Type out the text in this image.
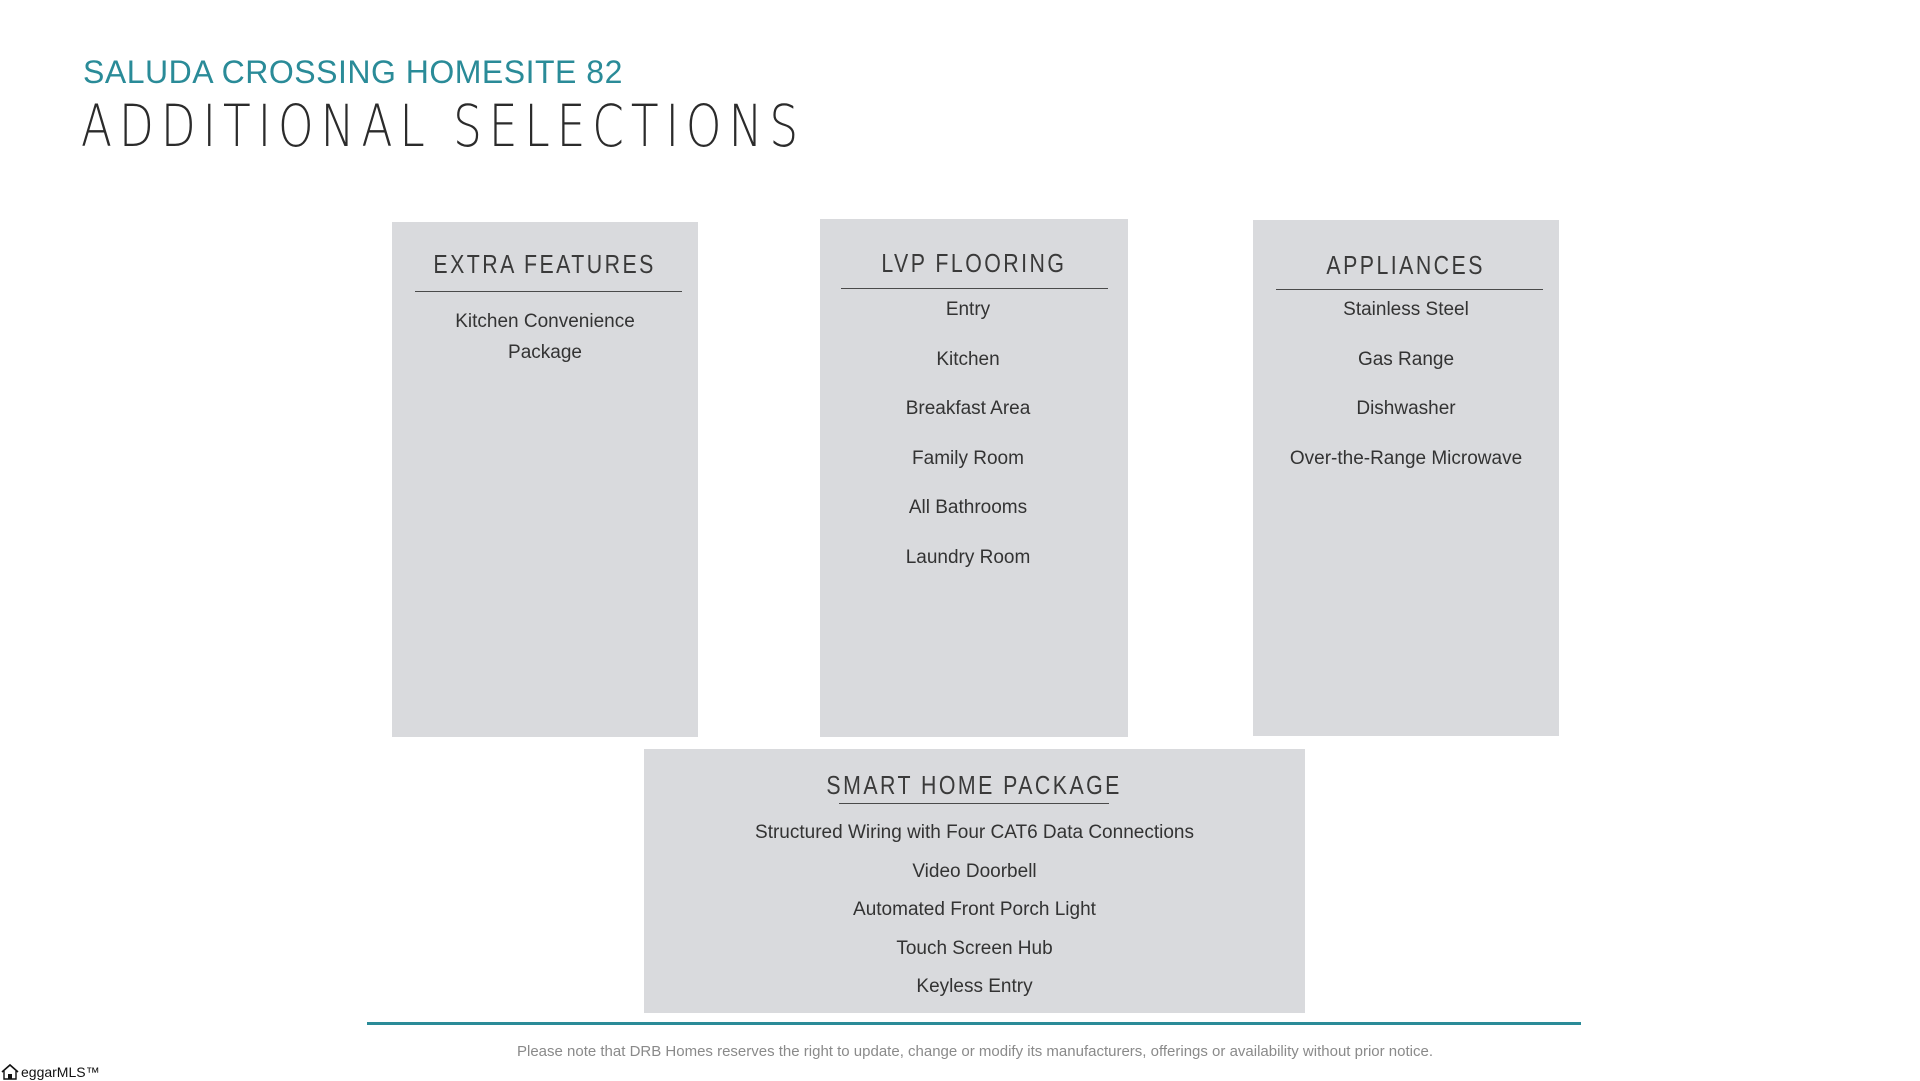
SALUDA CROSSING HOMESITE 82
ADDITIONAL SELECTIONS
EXTRA FEATURES
Kitchen Convenience Package
LVP FLOORING
Entry
Kitchen
Breakfast Area
Family Room
All Bathrooms
Laundry Room
APPLIANCES
Stainless Steel
Gas Range
Dishwasher
Over-the-Range Microwave
SMART HOME PACKAGE
Structured Wiring with Four CAT6 Data Connections
Video Doorbell
Automated Front Porch Light
Touch Screen Hub
Keyless Entry
Please note that DRB Homes reserves the right to update, change or modify its manufacturers, offerings or availability without prior notice.
eggarMLS™
